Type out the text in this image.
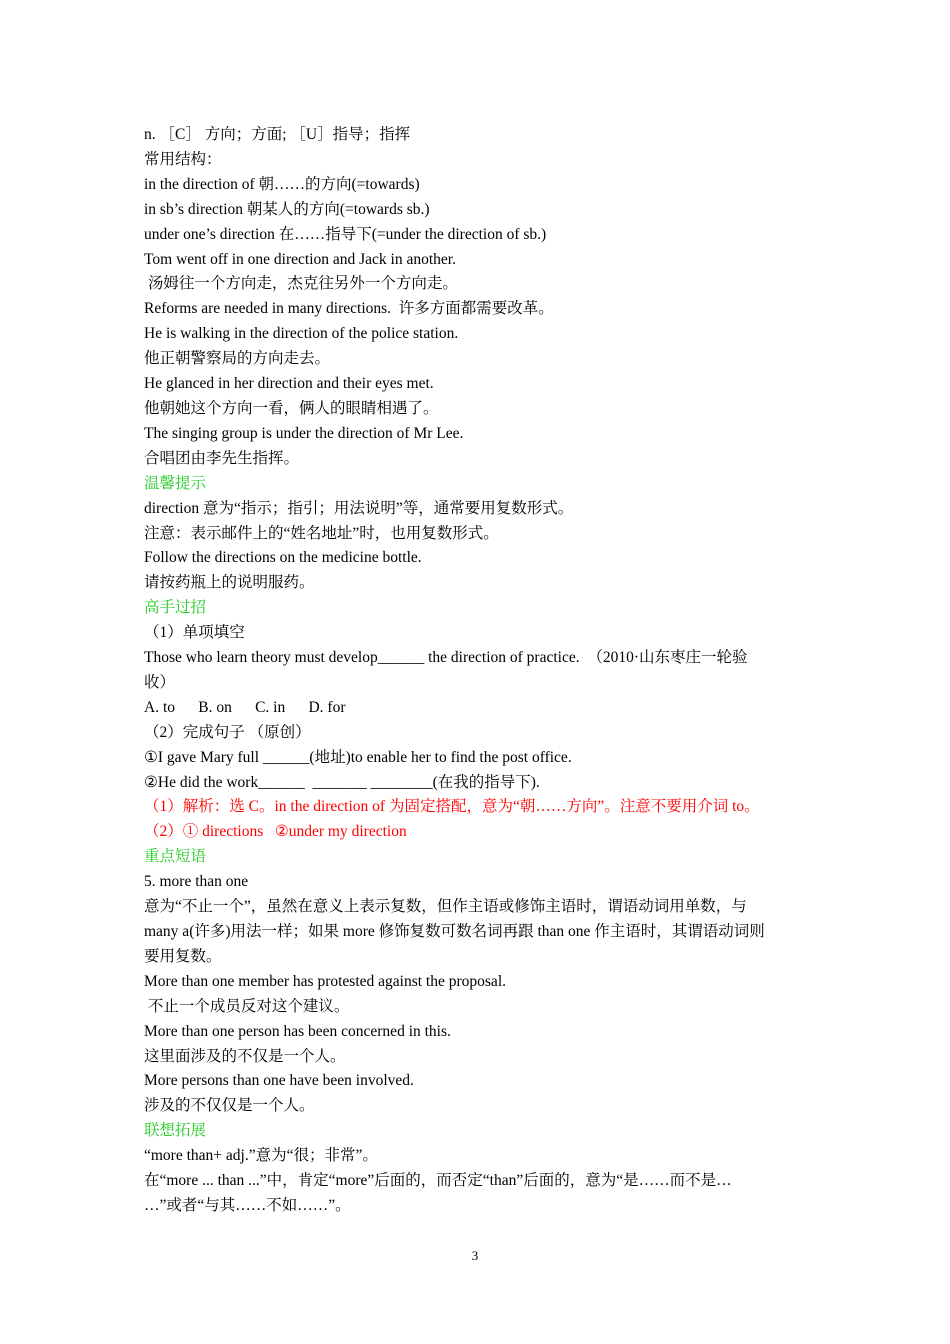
n. ［C］ 方向；方面; ［U］指导；指挥

常用结构：

in the direction of 朝……的方向(=towards)

in sb’s direction 朝某人的方向(=towards sb.)

under one’s direction 在……指导下(=under the direction of sb.)

Tom went off in one direction and Jack in another.

汤姆往一个方向走，杰克往另外一个方向走。

Reforms are needed in many directions.  许多方面都需要改革。

He is walking in the direction of the police station.

他正朝警察局的方向走去。

He glanced in her direction and their eyes met.

他朝她这个方向一看，俩人的眼睛相遇了。

The singing group is under the direction of Mr Lee.

合唱团由李先生指挥。

温馨提示

direction 意为“指示；指引；用法说明”等，通常要用复数形式。

注意：表示邮件上的“姓名地址”时，也用复数形式。

Follow the directions on the medicine bottle.

请按药瓶上的说明服药。

高手过招

（1）单项填空

Those who learn theory must develop______ the direction of practice.  （2010·山东枣庄一轮验

收）

A. to      B. on      C. in      D. for

（2）完成句子 （原创）

①I gave Mary full ______(地址)to enable her to find the post office.

②He did the work______  _______ ________(在我的指导下).

（1）解析：选 C。in the direction of 为固定搭配，意为“朝……方向”。注意不要用介词 to。

（2）① directions   ②under my direction

重点短语

5. more than one

意为“不止一个”，虽然在意义上表示复数，但作主语或修饰主语时，谓语动词用单数，与

many a(许多)用法一样；如果 more 修饰复数可数名词再跟 than one 作主语时，其谓语动词则

要用复数。

More than one member has protested against the proposal.

不止一个成员反对这个建议。

More than one person has been concerned in this.

这里面涉及的不仅是一个人。

More persons than one have been involved.

涉及的不仅仅是一个人。

联想拓展

“more than+ adj.”意为“很；非常”。

在“more ... than ...”中，肯定“more”后面的，而否定“than”后面的，意为“是……而不是…

…”或者“与其……不如……”。

3
